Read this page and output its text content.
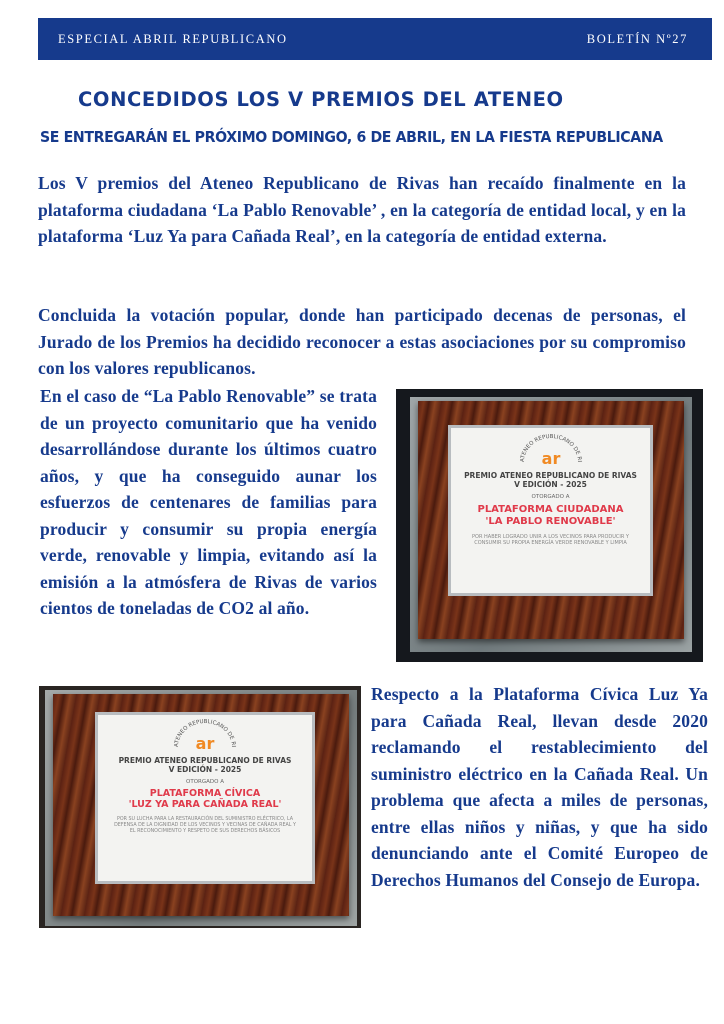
ESPECIAL ABRIL REPUBLICANO	BOLETÍN Nº27
CONCEDIDOS LOS V PREMIOS DEL ATENEO
SE ENTREGARÁN EL PRÓXIMO DOMINGO, 6 DE ABRIL, EN LA FIESTA REPUBLICANA

Los V premios del Ateneo Republicano de Rivas han recaído finalmente en la plataforma ciudadana ‘La Pablo Renovable’ , en la categoría de entidad local, y en la plataforma ‘Luz Ya para Cañada Real’, en la categoría de entidad externa.

Concluida la votación popular, donde han participado decenas de personas, el Jurado de los Premios ha decidido reconocer a estas asociaciones por su compromiso con los valores republicanos.

En el caso de “La Pablo Renovable” se trata de un proyecto comunitario que ha venido desarrollándose durante los últimos cuatro años, y que ha conseguido aunar los esfuerzos de centenares de familias para producir y consumir su propia energía verde, renovable y limpia, evitando así la emisión a la atmósfera de Rivas de varios cientos de toneladas de CO2 al año.

Respecto a la Plataforma Cívica Luz Ya para Cañada Real, llevan desde 2020 reclamando el restablecimiento del suministro eléctrico en la Cañada Real. Un problema que afecta a miles de personas, entre ellas niños y niñas, y que ha sido denunciando ante el Comité Europeo de Derechos Humanos del Consejo de Europa.

ATENEO REPUBLICANO DE RI
ar
PREMIO ATENEO REPUBLICANO DE RIVAS
V EDICIÓN - 2025
OTORGADO A
PLATAFORMA CIUDADANA
'LA PABLO RENOVABLE'
POR HABER LOGRADO UNIR A LOS VECINOS PARA PRODUCIR Y CONSUMIR SU PROPIA ENERGÍA VERDE RENOVABLE Y LIMPIA
ATENEO REPUBLICANO DE RI
ar
PREMIO ATENEO REPUBLICANO DE RIVAS
V EDICIÓN - 2025
OTORGADO A
PLATAFORMA CÍVICA
'LUZ YA PARA CAÑADA REAL'
POR SU LUCHA PARA LA RESTAURACIÓN DEL SUMINISTRO ELÉCTRICO, LA DEFENSA DE LA DIGNIDAD DE LOS VECINOS Y VECINAS DE CAÑADA REAL Y EL RECONOCIMIENTO Y RESPETO DE SUS DERECHOS BÁSICOS
